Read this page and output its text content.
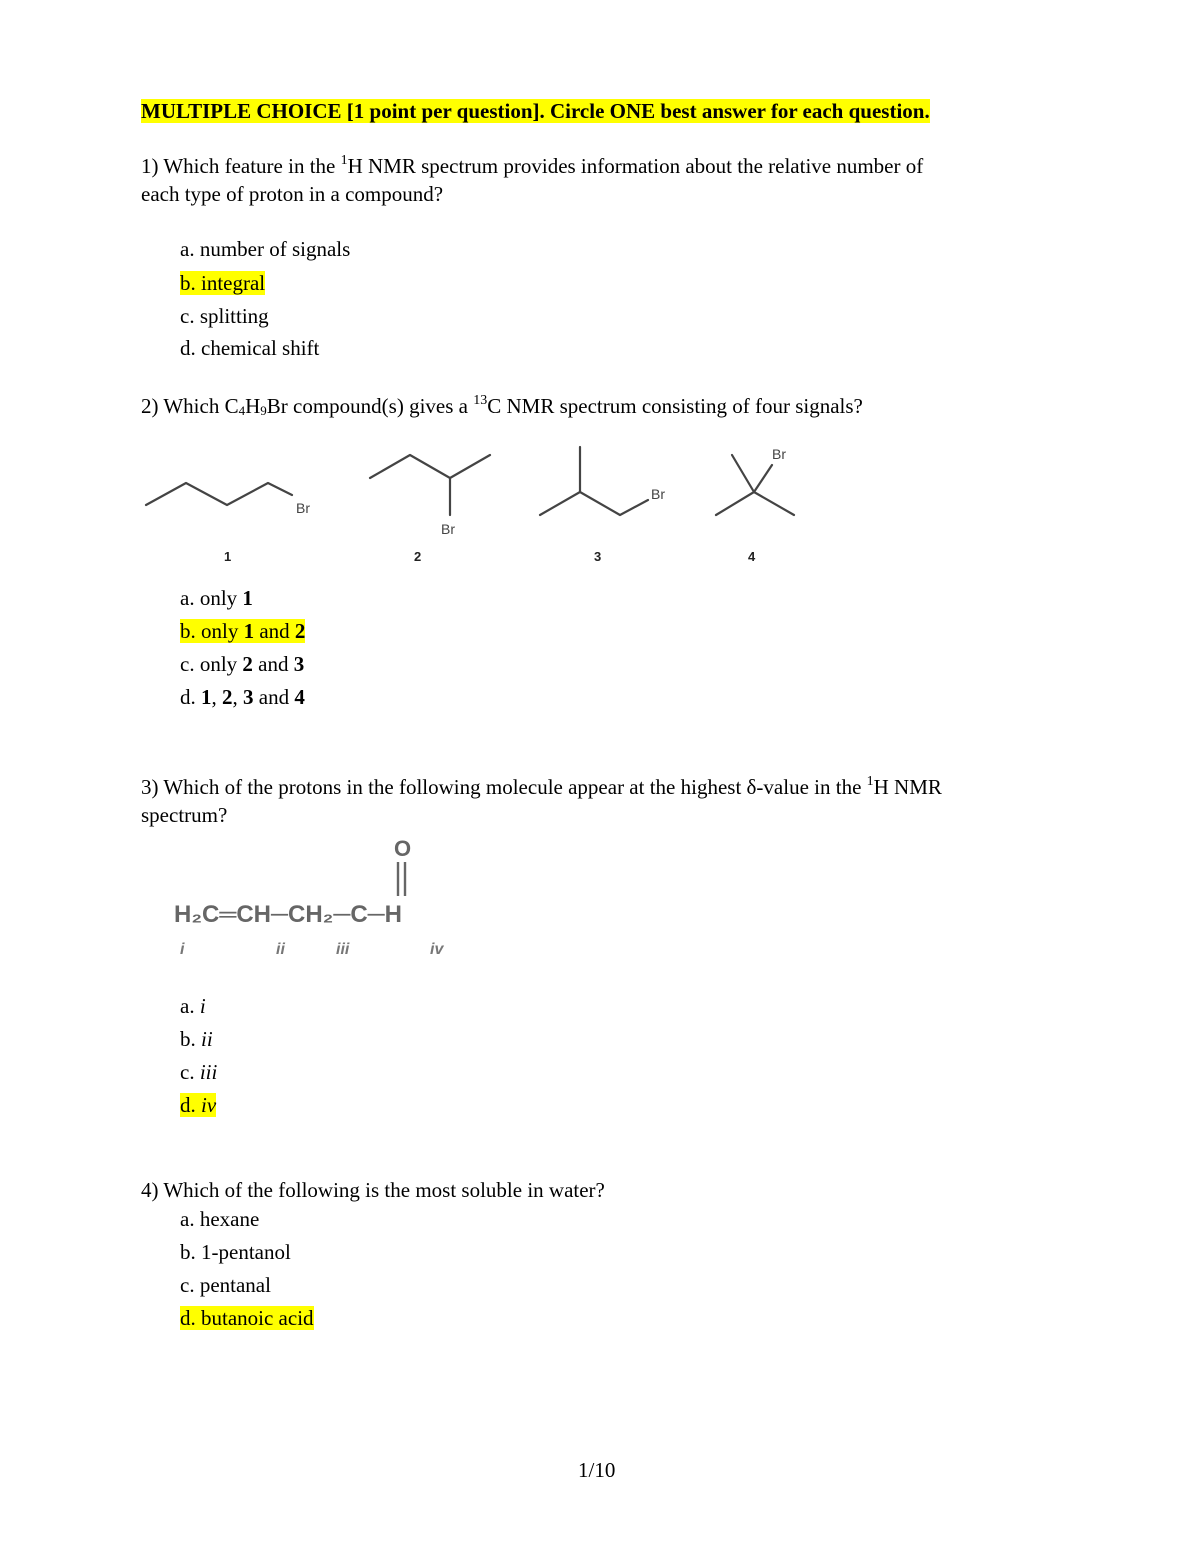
MULTIPLE CHOICE [1 point per question]. Circle ONE best answer for each question.
1) Which feature in the $^1$H NMR spectrum provides information about the relative number of
each type of proton in a compound?
a. number of signals
b. integral
c. splitting
d. chemical shift
2) Which $C_4H_9Br$ compound(s) gives a $^{13}$C NMR spectrum consisting of four signals?
Br
Br
Br
Br
1	2	3	4
a. only 1
b. only 1 and 2
c. only 2 and 3
d. 1, 2, 3 and 4
3) Which of the protons in the following molecule appear at the highest δ-value in the $^1$H NMR
spectrum?
O
H₂C═CH─CH₂─C─H
i	ii	iii	iv
a. i
b. ii
c. iii
d. iv
4) Which of the following is the most soluble in water?
a. hexane
b. 1-pentanol
c. pentanal
d. butanoic acid
1/10
